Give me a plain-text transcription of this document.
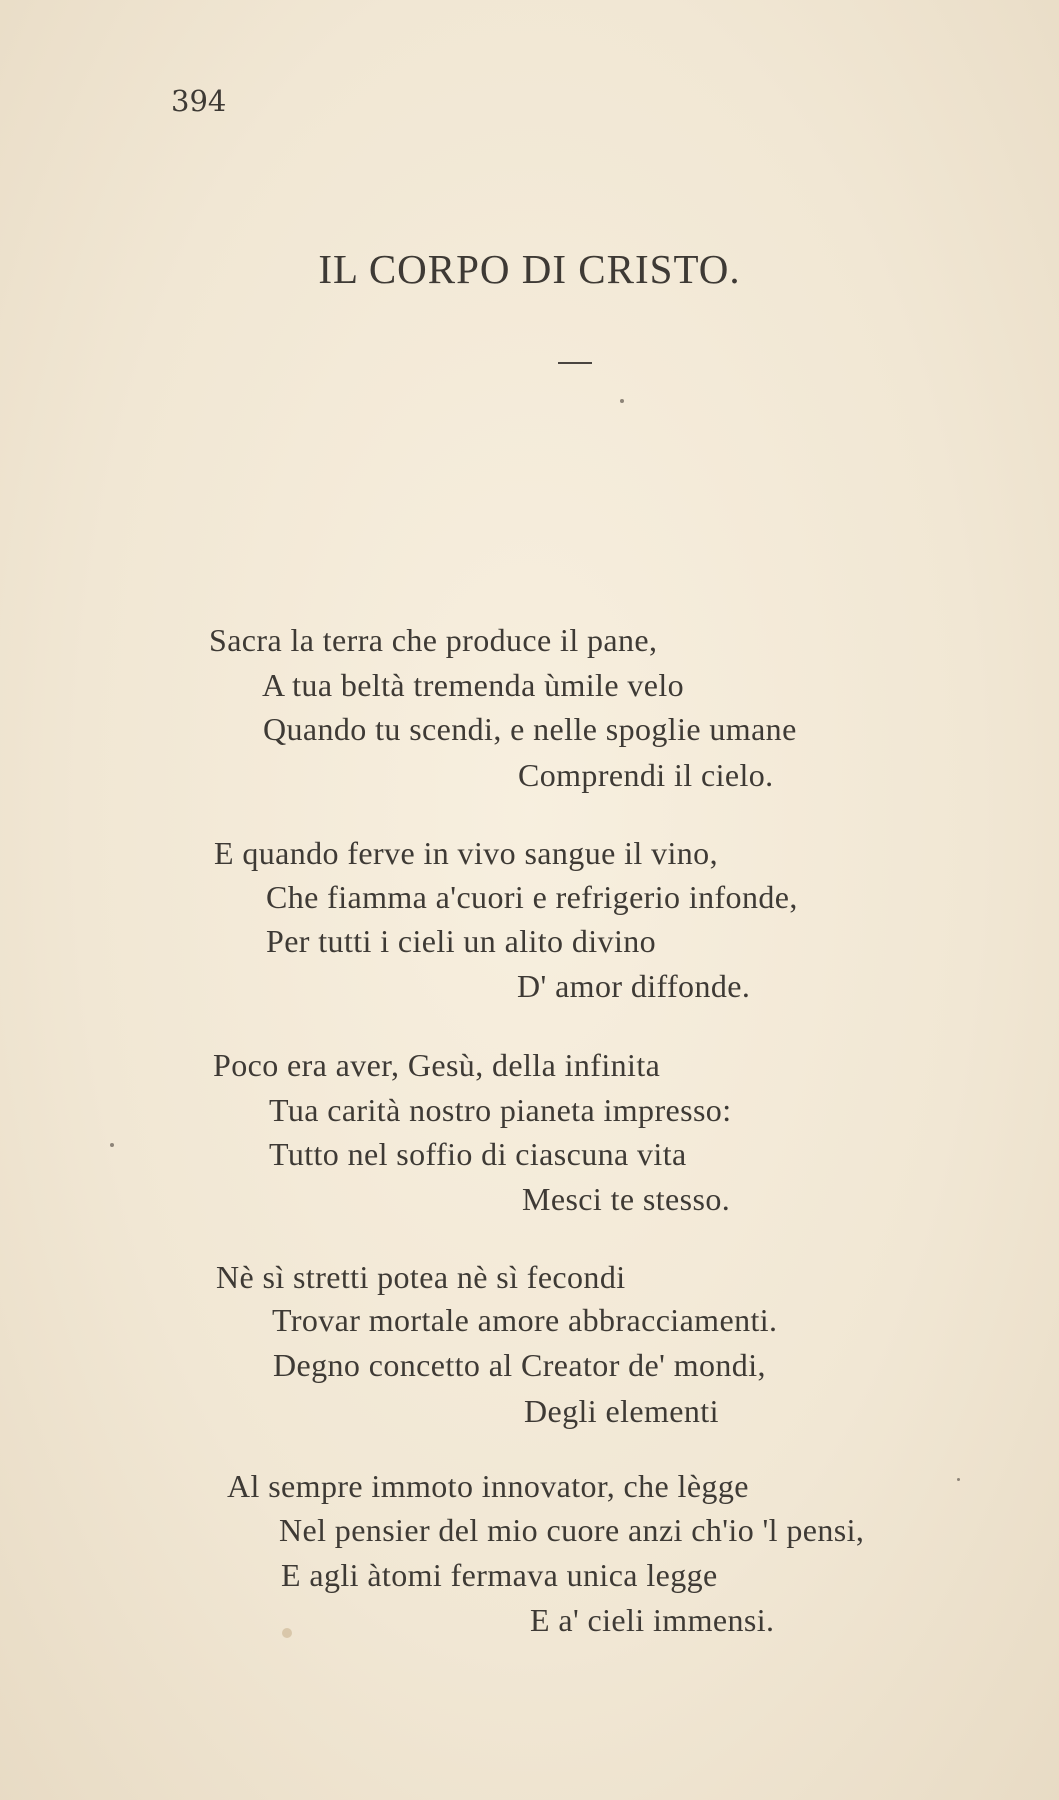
394
IL CORPO DI CRISTO.
Sacra la terra che produce il pane,
A tua beltà tremenda ùmile velo
Quando tu scendi, e nelle spoglie umane
Comprendi il cielo.
E quando ferve in vivo sangue il vino,
Che fiamma a'cuori e refrigerio infonde,
Per tutti i cieli un alito divino
D' amor diffonde.
Poco era aver, Gesù, della infinita
Tua carità nostro pianeta impresso:
Tutto nel soffio di ciascuna vita
Mesci te stesso.
Nè sì stretti potea nè sì fecondi
Trovar mortale amore abbracciamenti.
Degno concetto al Creator de' mondi,
Degli elementi
Al sempre immoto innovator, che lègge
Nel pensier del mio cuore anzi ch'io 'l pensi,
E agli àtomi fermava unica legge
E a' cieli immensi.
